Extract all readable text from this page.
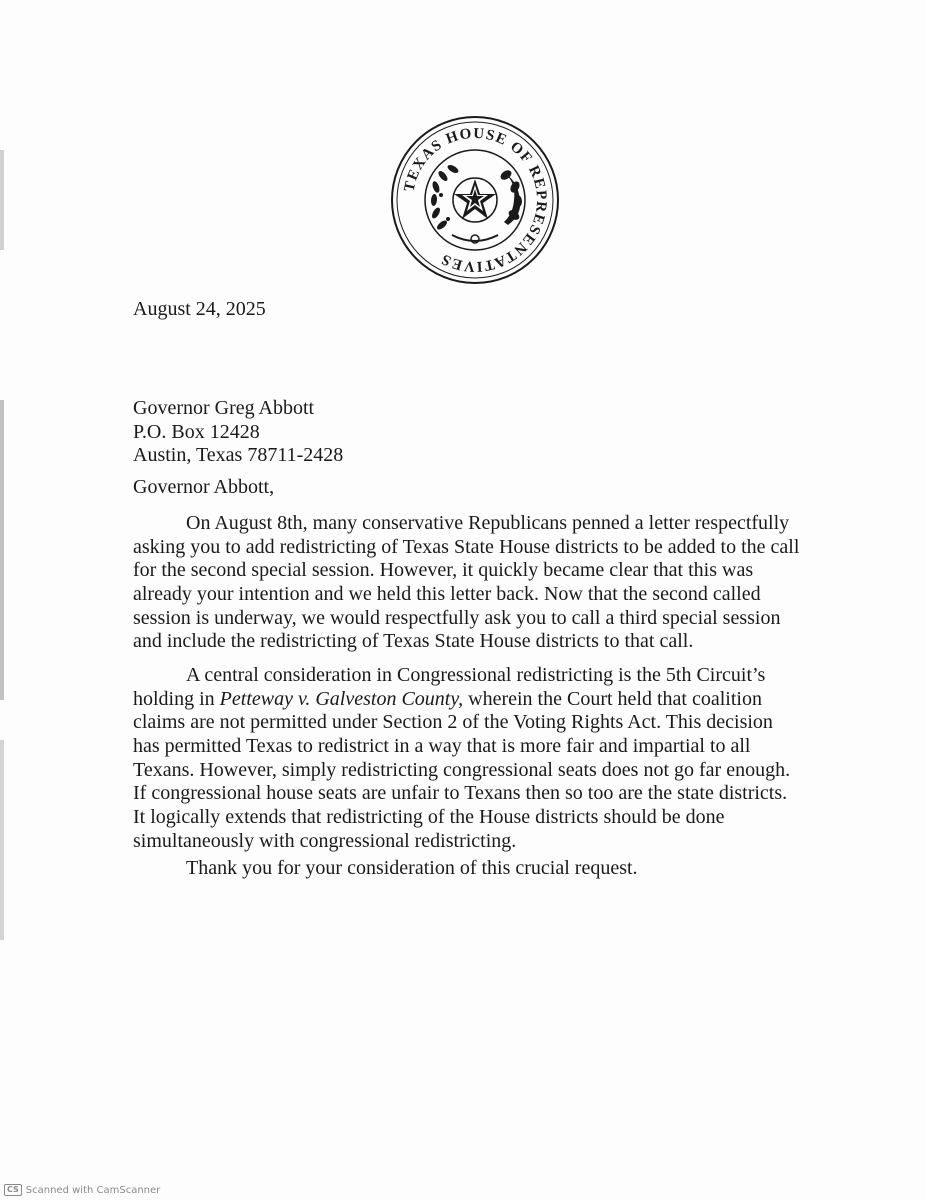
TEXAS HOUSE OF REPRESENTATIVES
August 24, 2025
Governor Greg Abbott
P.O. Box 12428
Austin, Texas 78711-2428
Governor Abbott,
On August 8th, many conservative Republicans penned a letter respectfully
asking you to add redistricting of Texas State House districts to be added to the call
for the second special session. However, it quickly became clear that this was
already your intention and we held this letter back. Now that the second called
session is underway, we would respectfully ask you to call a third special session
and include the redistricting of Texas State House districts to that call.
A central consideration in Congressional redistricting is the 5th Circuit’s
holding in Petteway v. Galveston County, wherein the Court held that coalition
claims are not permitted under Section 2 of the Voting Rights Act. This decision
has permitted Texas to redistrict in a way that is more fair and impartial to all
Texans. However, simply redistricting congressional seats does not go far enough.
If congressional house seats are unfair to Texans then so too are the state districts.
It logically extends that redistricting of the House districts should be done
simultaneously with congressional redistricting.
Thank you for your consideration of this crucial request.
CS Scanned with CamScanner
